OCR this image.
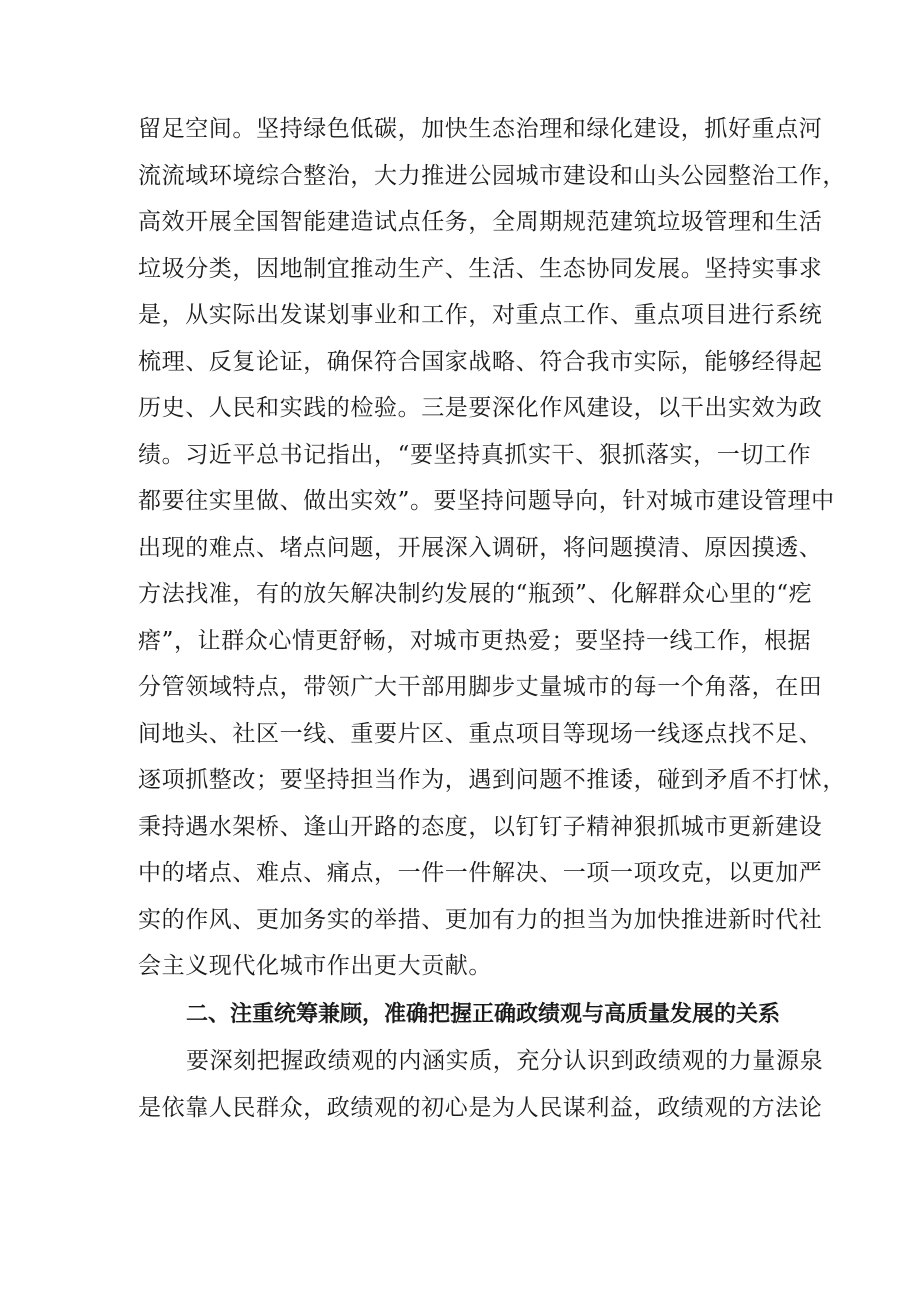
留足空间。坚持绿色低碳，加快生态治理和绿化建设，抓好重点河
流流域环境综合整治，大力推进公园城市建设和山头公园整治工作，
高效开展全国智能建造试点任务，全周期规范建筑垃圾管理和生活
垃圾分类，因地制宜推动生产、生活、生态协同发展。坚持实事求
是，从实际出发谋划事业和工作，对重点工作、重点项目进行系统
梳理、反复论证，确保符合国家战略、符合我市实际，能够经得起
历史、人民和实践的检验。三是要深化作风建设，以干出实效为政
绩。习近平总书记指出，“要坚持真抓实干、狠抓落实，一切工作
都要往实里做、做出实效”。要坚持问题导向，针对城市建设管理中
出现的难点、堵点问题，开展深入调研，将问题摸清、原因摸透、
方法找准，有的放矢解决制约发展的“瓶颈”、化解群众心里的“疙
瘩”，让群众心情更舒畅，对城市更热爱；要坚持一线工作，根据
分管领域特点，带领广大干部用脚步丈量城市的每一个角落，在田
间地头、社区一线、重要片区、重点项目等现场一线逐点找不足、
逐项抓整改；要坚持担当作为，遇到问题不推诿，碰到矛盾不打怵，
秉持遇水架桥、逢山开路的态度，以钉钉子精神狠抓城市更新建设
中的堵点、难点、痛点，一件一件解决、一项一项攻克，以更加严
实的作风、更加务实的举措、更加有力的担当为加快推进新时代社
会主义现代化城市作出更大贡献。
二、注重统筹兼顾，准确把握正确政绩观与高质量发展的关系
要深刻把握政绩观的内涵实质，充分认识到政绩观的力量源泉
是依靠人民群众，政绩观的初心是为人民谋利益，政绩观的方法论
